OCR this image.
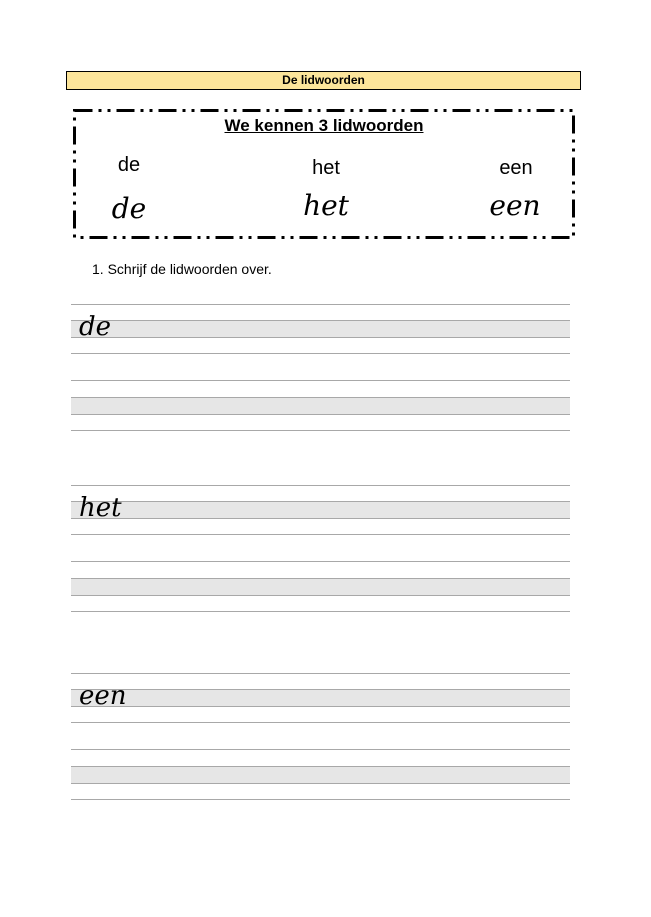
De lidwoorden
We kennen 3 lidwoorden
de	het	een
de	het	een
1. Schrijf de lidwoorden over.
de
het
een
